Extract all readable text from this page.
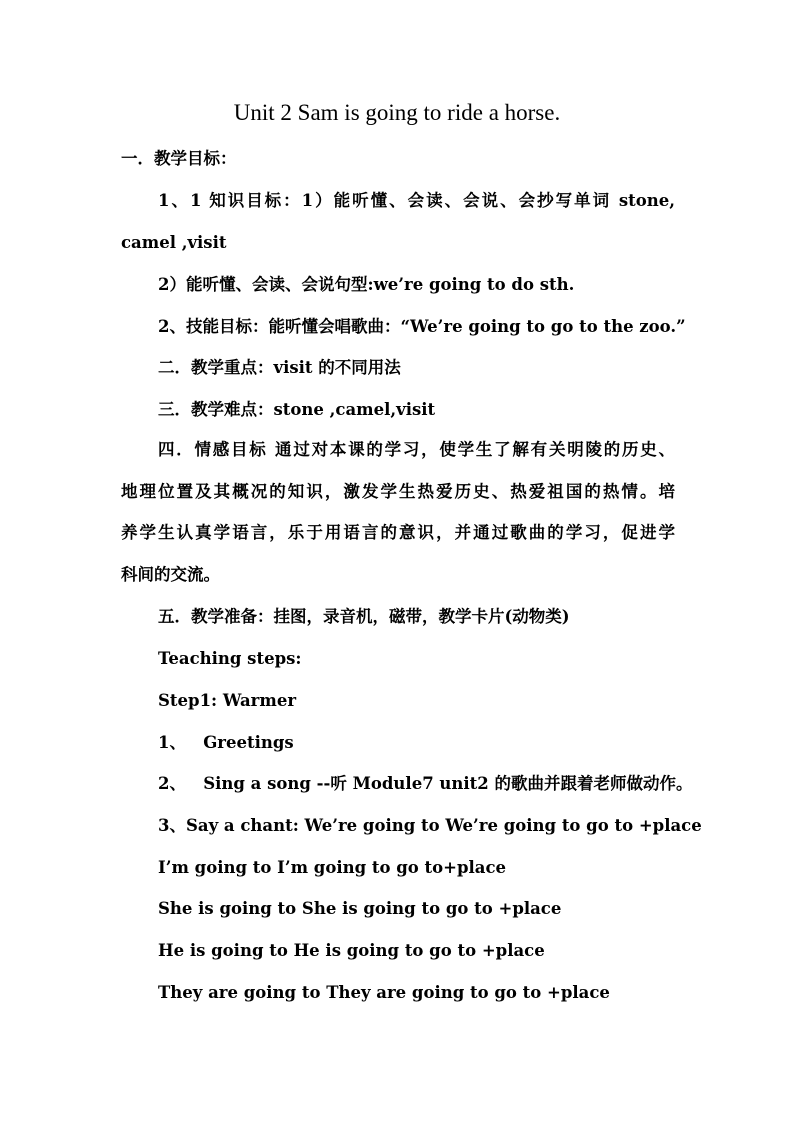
Unit 2 Sam is going to ride a horse.
一．教学目标：
1、1 知识目标：1）能听懂、会读、会说、会抄写单词 stone,
camel ,visit
2）能听懂、会读、会说句型:we’re going to do sth.
2、技能目标：能听懂会唱歌曲：“We’re going to go to the zoo.”
二．教学重点：visit 的不同用法
三．教学难点：stone ,camel,visit
四．情感目标 通过对本课的学习，使学生了解有关明陵的历史、
地理位置及其概况的知识，激发学生热爱历史、热爱祖国的热情。培
养学生认真学语言，乐于用语言的意识，并通过歌曲的学习，促进学
科间的交流。
五．教学准备：挂图，录音机，磁带，教学卡片(动物类)
Teaching steps:
Step1: Warmer
1、   Greetings
2、   Sing a song --听 Module7 unit2 的歌曲并跟着老师做动作。
3、Say a chant: We’re going to We’re going to go to +place
I’m going to I’m going to go to+place
She is going to She is going to go to +place
He is going to He is going to go to +place
They are going to They are going to go to +place
